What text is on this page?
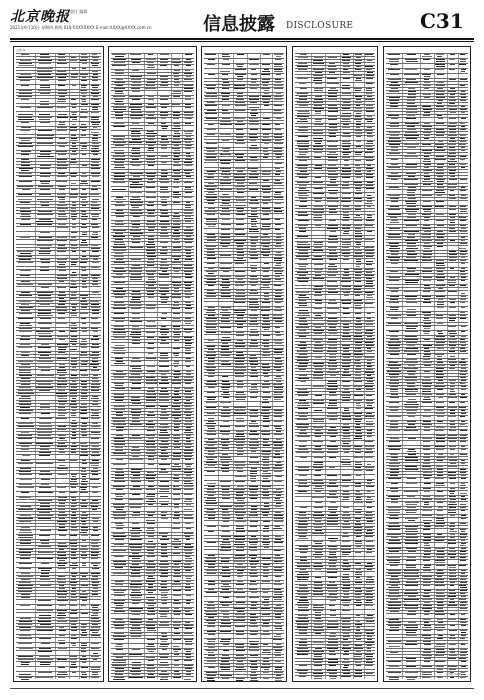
北京晚报 责任 编辑
2021年6月10日 星期四 热线 010-XXXXXXXX E-mail:XXXX@XXXX.com.cn	信息披露 DISCLOSURE	C31
公告 A
(下转 C32)
